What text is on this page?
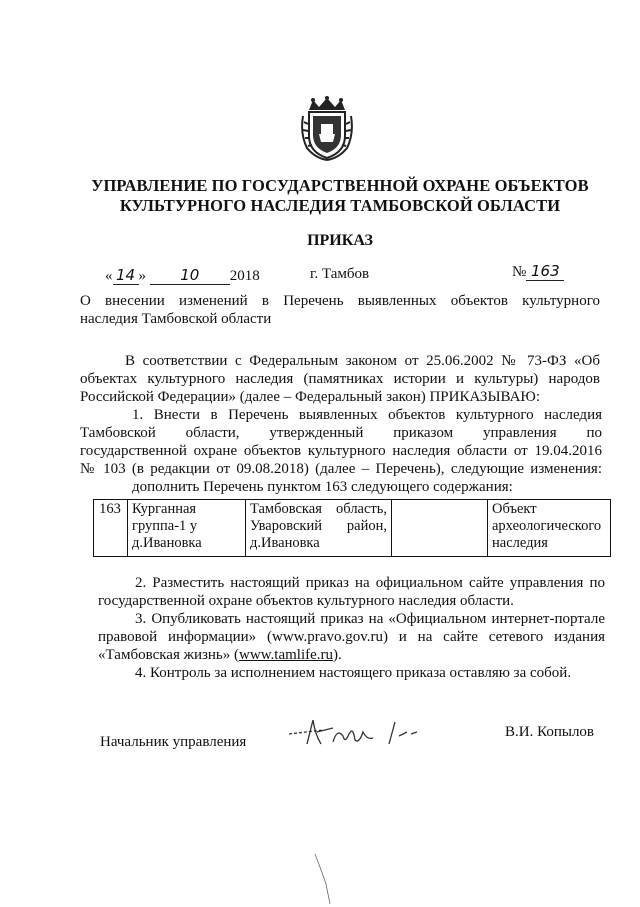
УПРАВЛЕНИЕ ПО ГОСУДАРСТВЕННОЙ ОХРАНЕ ОБЪЕКТОВ
КУЛЬТУРНОГО НАСЛЕДИЯ ТАМБОВСКОЙ ОБЛАСТИ
ПРИКАЗ
« 14 » 10 2018	г. Тамбов	№ 163
О внесении изменений в Перечень выявленных объектов культурного
наследия Тамбовской области
В соответствии с Федеральным законом от 25.06.2002 № 73-ФЗ «Об
объектах культурного наследия (памятниках истории и культуры) народов
Российской Федерации» (далее – Федеральный закон) ПРИКАЗЫВАЮ:
1. Внести в Перечень выявленных объектов культурного наследия
Тамбовской области, утвержденный приказом управления по
государственной охране объектов культурного наследия области от 19.04.2016
№ 103 (в редакции от 09.08.2018) (далее – Перечень), следующие изменения:
дополнить Перечень пунктом 163 следующего содержания:
163 Курганная
группа-1 у
д.Ивановка
Тамбовская область,
Уваровский район,
д.Ивановка
Объект
археологического
наследия
2. Разместить настоящий приказ на официальном сайте управления по
государственной охране объектов культурного наследия области.
3. Опубликовать настоящий приказ на «Официальном интернет-портале
правовой информации» (www.pravo.gov.ru) и на сайте сетевого издания
«Тамбовская жизнь» (www.tamlife.ru).
4. Контроль за исполнением настоящего приказа оставляю за собой.
Начальник управления
В.И. Копылов
